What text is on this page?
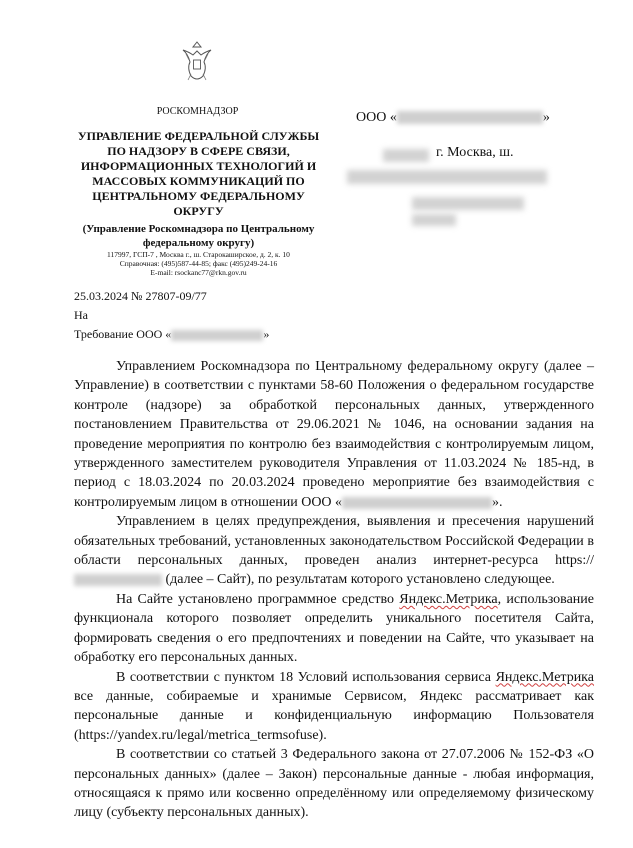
РОСКОМНАДЗОР
УПРАВЛЕНИЕ ФЕДЕРАЛЬНОЙ СЛУЖБЫ
ПО НАДЗОРУ В СФЕРЕ СВЯЗИ,
ИНФОРМАЦИОННЫХ ТЕХНОЛОГИЙ И
МАССОВЫХ КОММУНИКАЦИЙ ПО
ЦЕНТРАЛЬНОМУ ФЕДЕРАЛЬНОМУ
ОКРУГУ
(Управление Роскомнадзора по Центральному
федеральному округу)
117997, ГСП-7 , Москва г., ш. Старокаширское, д. 2, к. 10
Справочная: (495)587-44-85; факс (495)249-24-16
E-mail: rsockanc77@rkn.gov.ru
ООО «	»
г. Москва, ш.
25.03.2024 № 27807-09/77
На
Требование ООО «	»

Управлением Роскомнадзора по Центральному федеральному округу (далее – Управление) в соответствии с пунктами 58-60 Положения о федеральном государстве контроле (надзоре) за обработкой персональных данных, утвержденного постановлением Правительства от 29.06.2021 № 1046, на основании задания на проведение мероприятия по контролю без взаимодействия с контролируемым лицом, утвержденного заместителем руководителя Управления от 11.03.2024 № 185-нд, в период с 18.03.2024 по 20.03.2024 проведено мероприятие без взаимодействия с контролируемым лицом в отношении ООО «	».

Управлением в целях предупреждения, выявления и пресечения нарушений обязательных требований, установленных законодательством Российской Федерации в области персональных данных, проведен анализ интернет-ресурса https:// (далее – Сайт), по результатам которого установлено следующее.

На Сайте установлено программное средство Яндекс.Метрика, использование функционала которого позволяет определить уникального посетителя Сайта, формировать сведения о его предпочтениях и поведении на Сайте, что указывает на обработку его персональных данных.

В соответствии с пунктом 18 Условий использования сервиса Яндекс.Метрика все данные, собираемые и хранимые Сервисом, Яндекс рассматривает как персональные данные и конфиденциальную информацию Пользователя (https://yandex.ru/legal/metrica_termsofuse).

В соответствии со статьей 3 Федерального закона от 27.07.2006 № 152-ФЗ «О персональных данных» (далее – Закон) персональные данные - любая информация, относящаяся к прямо или косвенно определённому или определяемому физическому лицу (субъекту персональных данных).
